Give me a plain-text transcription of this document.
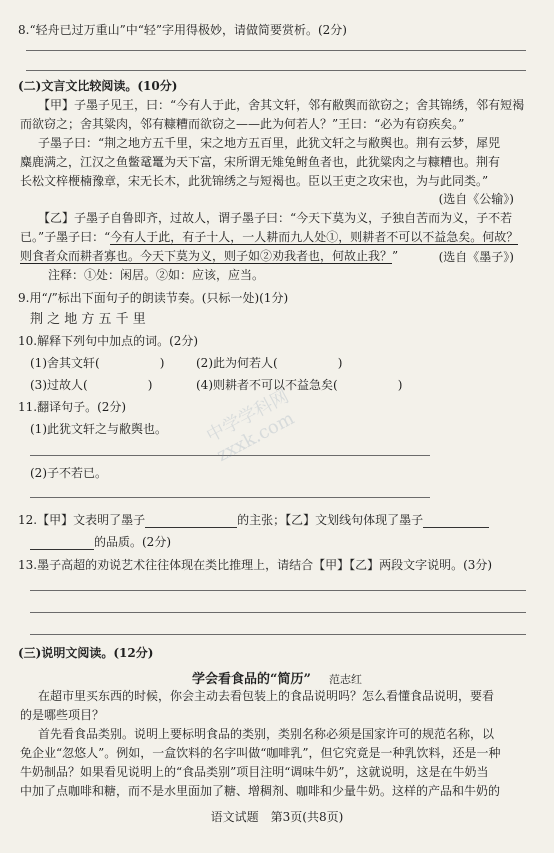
8.“轻舟已过万重山”中“轻”字用得极妙，请做简要赏析。(2分)
(二)文言文比较阅读。(10分)
【甲】子墨子见王，曰：“今有人于此，舍其文轩，邻有敝舆而欲窃之；舍其锦绣，邻有短褐
而欲窃之；舍其粱肉，邻有糠糟而欲窃之——此为何若人？”王曰：“必为有窃疾矣。”
子墨子曰：“荆之地方五千里，宋之地方五百里，此犹文轩之与敝舆也。荆有云梦，犀兕
麋鹿满之，江汉之鱼鳖鼋鼍为天下富，宋所谓无雉兔鲋鱼者也，此犹粱肉之与糠糟也。荆有
长松文梓楩楠豫章，宋无长木，此犹锦绣之与短褐也。臣以王吏之攻宋也，为与此同类。”
(选自《公输》)
【乙】子墨子自鲁即齐，过故人，谓子墨子曰：“今天下莫为义，子独自苦而为义，子不若
已。”子墨子曰：“今有人于此，有子十人，一人耕而九人处①，则耕者不可以不益急矣。何故？
则食者众而耕者寡也。今天下莫为义，则子如②劝我者也，何故止我？”	(选自《墨子》)
注释：①处：闲居。②如：应该，应当。
9.用“/”标出下面句子的朗读节奏。(只标一处)(1分)
荆 之 地 方 五 千 里
10.解释下列句中加点的词。(2分)
(1)舍其文轩(	)	(2)此为何若人(	)
(3)过故人(	)	(4)则耕者不可以不益急矣(	)
11.翻译句子。(2分)
(1)此犹文轩之与敝舆也。
(2)子不若已。
12.【甲】文表明了墨子	的主张；【乙】文划线句体现了墨子
的品质。(2分)
13.墨子高超的劝说艺术往往体现在类比推理上，请结合【甲】【乙】两段文字说明。(3分)
(三)说明文阅读。(12分)
学会看食品的“简历” 范志红
在超市里买东西的时候，你会主动去看包装上的食品说明吗？怎么看懂食品说明，要看
的是哪些项目？
首先看食品类别。说明上要标明食品的类别，类别名称必须是国家许可的规范名称，以
免企业“忽悠人”。例如，一盒饮料的名字叫做“咖啡乳”，但它究竟是一种乳饮料，还是一种
牛奶制品？如果看见说明上的“食品类别”项目注明“调味牛奶”，这就说明，这是在牛奶当
中加了点咖啡和糖，而不是水里面加了糖、增稠剂、咖啡和少量牛奶。这样的产品和牛奶的
语文试题　第3页(共8页)
中学学科网 zxxk.com
